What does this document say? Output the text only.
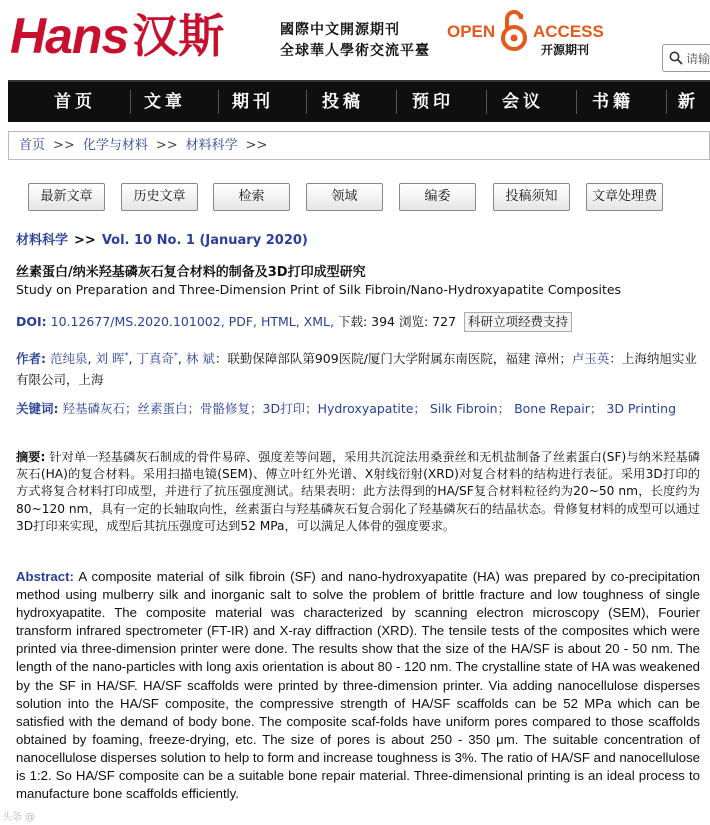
Hans 汉斯	國際中文開源期刊
全球華人學術交流平臺
OPEN ACCESS
开源期刊
请输
首页	文章	期刊	投稿	预印	会议	书籍	新
首页 >> 化学与材料 >> 材料科学 >>
最新文章	历史文章	检索	领域	编委	投稿须知	文章处理费
材料科学 >> Vol. 10 No. 1 (January 2020)
丝素蛋白/纳米羟基磷灰石复合材料的制备及3D打印成型研究
Study on Preparation and Three-Dimension Print of Silk Fibroin/Nano-Hydroxyapatite Composites
DOI: 10.12677/MS.2020.101002, PDF, HTML, XML, 下载: 394 浏览: 727 科研立项经费支持
作者: 范纯泉, 刘 晖*, 丁真奇*, 林 斌：联勤保障部队第909医院/厦门大学附属东南医院，福建 漳州；卢玉英：上海纳旭实业有限公司，上海
关键词: 羟基磷灰石；丝素蛋白；骨骼修复；3D打印；Hydroxyapatite； Silk Fibroin； Bone Repair； 3D Printing
摘要: 针对单一羟基磷灰石制成的骨件易碎、强度差等问题，采用共沉淀法用桑蚕丝和无机盐制备了丝素蛋白(SF)与纳米羟基磷灰石(HA)的复合材料。采用扫描电镜(SEM)、傅立叶红外光谱、X射线衍射(XRD)对复合材料的结构进行表征。采用3D打印的方式将复合材料打印成型，并进行了抗压强度测试。结果表明：此方法得到的HA/SF复合材料粒径约为20~50 nm，长度约为80~120 nm，具有一定的长轴取向性，丝素蛋白与羟基磷灰石复合弱化了羟基磷灰石的结晶状态。骨修复材料的成型可以通过3D打印来实现，成型后其抗压强度可达到52 MPa，可以满足人体骨的强度要求。
Abstract: A composite material of silk fibroin (SF) and nano-hydroxyapatite (HA) was prepared by co-precipitation method using mulberry silk and inorganic salt to solve the problem of brittle fracture and low toughness of single hydroxyapatite. The composite material was characterized by scanning electron microscopy (SEM), Fourier transform infrared spectrometer (FT-IR) and X-ray diffraction (XRD). The tensile tests of the composites which were printed via three-dimension printer were done. The results show that the size of the HA/SF is about 20 - 50 nm. The length of the nano-particles with long axis orientation is about 80 - 120 nm. The crystalline state of HA was weakened by the SF in HA/SF. HA/SF scaffolds were printed by three-dimension printer. Via adding nanocellulose disperses solution into the HA/SF composite, the compressive strength of HA/SF scaffolds can be 52 MPa which can be satisfied with the demand of body bone. The composite scaf-folds have uniform pores compared to those scaffolds obtained by foaming, freeze-drying, etc. The size of pores is about 250 - 350 μm. The suitable concentration of nanocellulose disperses solution to help to form and increase toughness is 3%. The ratio of HA/SF and nanocellulose is 1:2. So HA/SF composite can be a suitable bone repair material. Three-dimensional printing is an ideal process to manufacture bone scaffolds efficiently.
头条 @
